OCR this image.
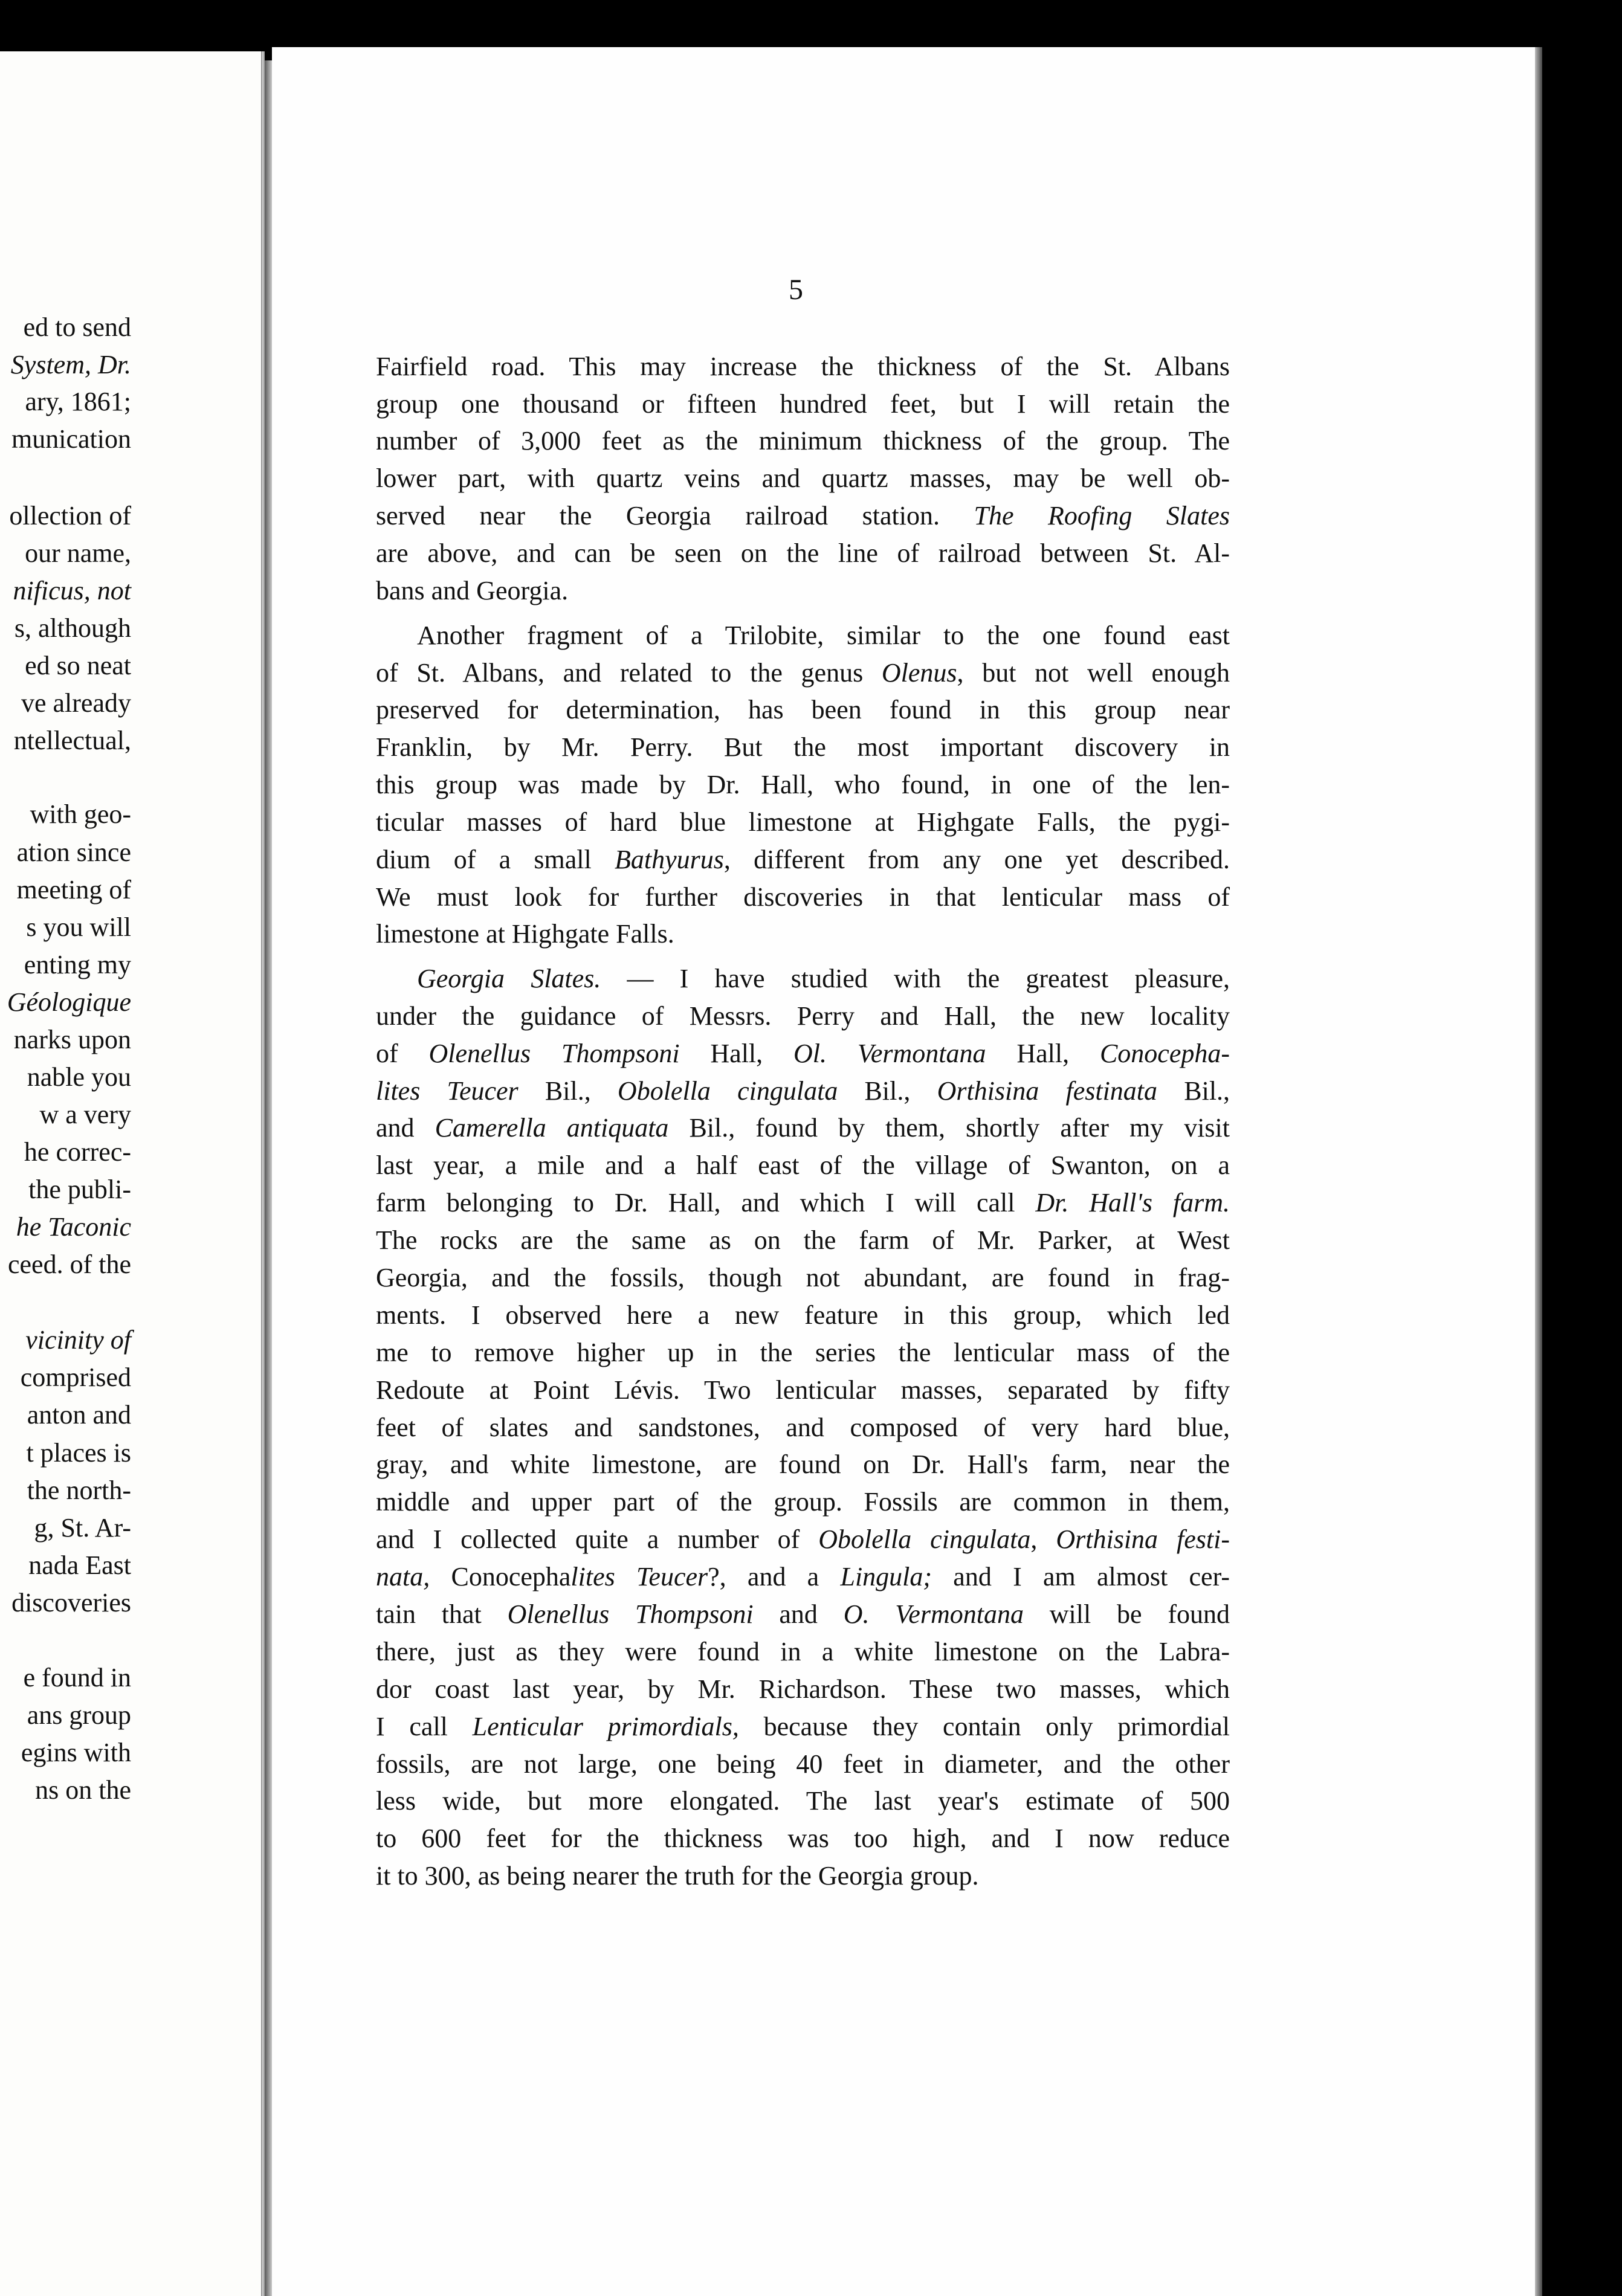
ed to send
System, Dr.
ary, 1861;
munication
ollection of
our name,
nificus, not
s, although
ed so neat
ve already
ntellectual,
with geo-
ation since
meeting of
s you will
enting my
Géologique
narks upon
nable you
w a very
he correc-
the publi-
he Taconic
ceed. of the
vicinity of
comprised
anton and
t places is
the north-
g, St. Ar-
nada East
discoveries
e found in
ans group
egins with
ns on the
5
Fairfield road. This may increase the thickness of the St. Albans
group one thousand or fifteen hundred feet, but I will retain the
number of 3,000 feet as the minimum thickness of the group. The
lower part, with quartz veins and quartz masses, may be well ob-
served near the Georgia railroad station. The Roofing Slates
are above, and can be seen on the line of railroad between St. Al-
bans and Georgia.
Another fragment of a Trilobite, similar to the one found east
of St. Albans, and related to the genus Olenus, but not well enough
preserved for determination, has been found in this group near
Franklin, by Mr. Perry. But the most important discovery in
this group was made by Dr. Hall, who found, in one of the len-
ticular masses of hard blue limestone at Highgate Falls, the pygi-
dium of a small Bathyurus, different from any one yet described.
We must look for further discoveries in that lenticular mass of
limestone at Highgate Falls.
Georgia Slates. — I have studied with the greatest pleasure,
under the guidance of Messrs. Perry and Hall, the new locality
of Olenellus Thompsoni Hall, Ol. Vermontana Hall, Conocepha-
lites Teucer Bil., Obolella cingulata Bil., Orthisina festinata Bil.,
and Camerella antiquata Bil., found by them, shortly after my visit
last year, a mile and a half east of the village of Swanton, on a
farm belonging to Dr. Hall, and which I will call Dr. Hall's farm.
The rocks are the same as on the farm of Mr. Parker, at West
Georgia, and the fossils, though not abundant, are found in frag-
ments. I observed here a new feature in this group, which led
me to remove higher up in the series the lenticular mass of the
Redoute at Point Lévis. Two lenticular masses, separated by fifty
feet of slates and sandstones, and composed of very hard blue,
gray, and white limestone, are found on Dr. Hall's farm, near the
middle and upper part of the group. Fossils are common in them,
and I collected quite a number of Obolella cingulata, Orthisina festi-
nata, Conocephalites Teucer?, and a Lingula; and I am almost cer-
tain that Olenellus Thompsoni and O. Vermontana will be found
there, just as they were found in a white limestone on the Labra-
dor coast last year, by Mr. Richardson. These two masses, which
I call Lenticular primordials, because they contain only primordial
fossils, are not large, one being 40 feet in diameter, and the other
less wide, but more elongated. The last year's estimate of 500
to 600 feet for the thickness was too high, and I now reduce
it to 300, as being nearer the truth for the Georgia group.
